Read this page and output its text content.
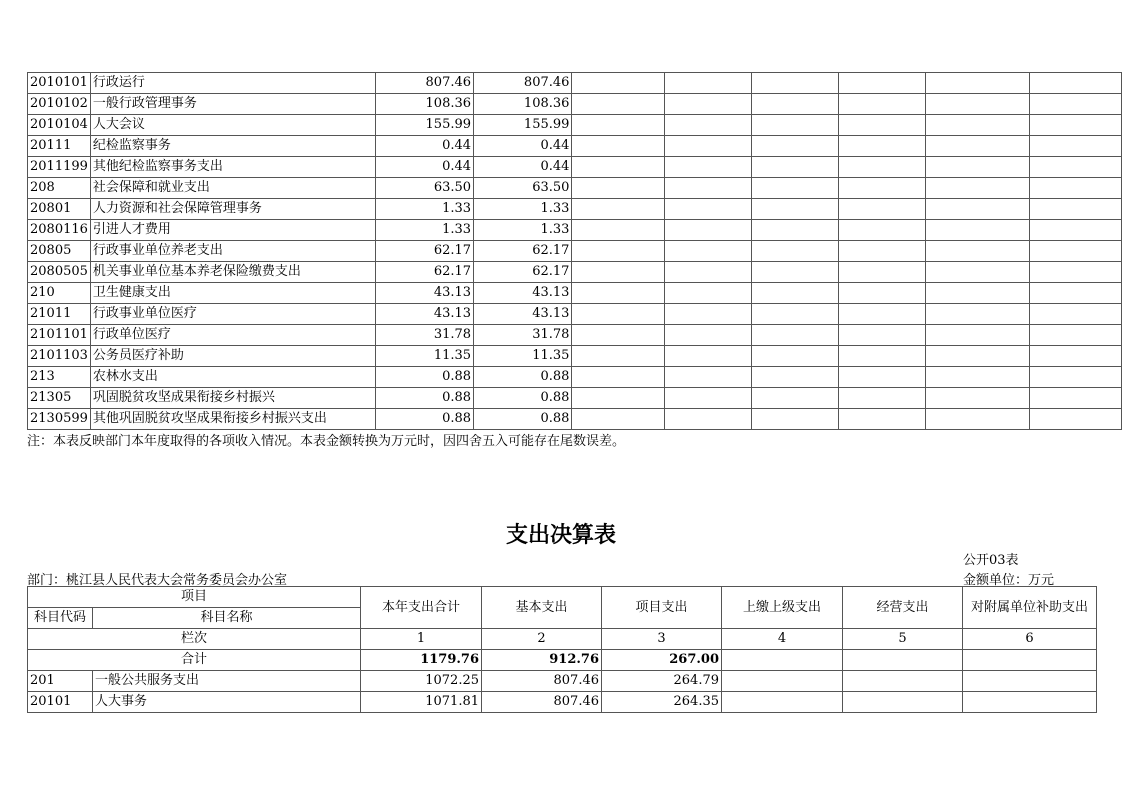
2010101	行政运行	807.46	807.46						
2010102	一般行政管理事务	108.36	108.36						
2010104	人大会议	155.99	155.99						
20111	纪检监察事务	0.44	0.44						
2011199	其他纪检监察事务支出	0.44	0.44						
208	社会保障和就业支出	63.50	63.50						
20801	人力资源和社会保障管理事务	1.33	1.33						
2080116	引进人才费用	1.33	1.33						
20805	行政事业单位养老支出	62.17	62.17						
2080505	机关事业单位基本养老保险缴费支出	62.17	62.17						
210	卫生健康支出	43.13	43.13						
21011	行政事业单位医疗	43.13	43.13						
2101101	行政单位医疗	31.78	31.78						
2101103	公务员医疗补助	11.35	11.35						
213	农林水支出	0.88	0.88						
21305	巩固脱贫攻坚成果衔接乡村振兴	0.88	0.88						
2130599	其他巩固脱贫攻坚成果衔接乡村振兴支出	0.88	0.88						
注：本表反映部门本年度取得的各项收入情况。本表金额转换为万元时，因四舍五入可能存在尾数误差。
支出决算表
公开03表
部门：桃江县人民代表大会常务委员会办公室	金额单位：万元
项目		本年支出合计	基本支出	项目支出	上缴上级支出	经营支出	对附属单位补助支出
科目代码	科目名称						
栏次		1	2	3	4	5	6
合计		1179.76	912.76	267.00			
201	一般公共服务支出	1072.25	807.46	264.79			
20101	人大事务	1071.81	807.46	264.35			
